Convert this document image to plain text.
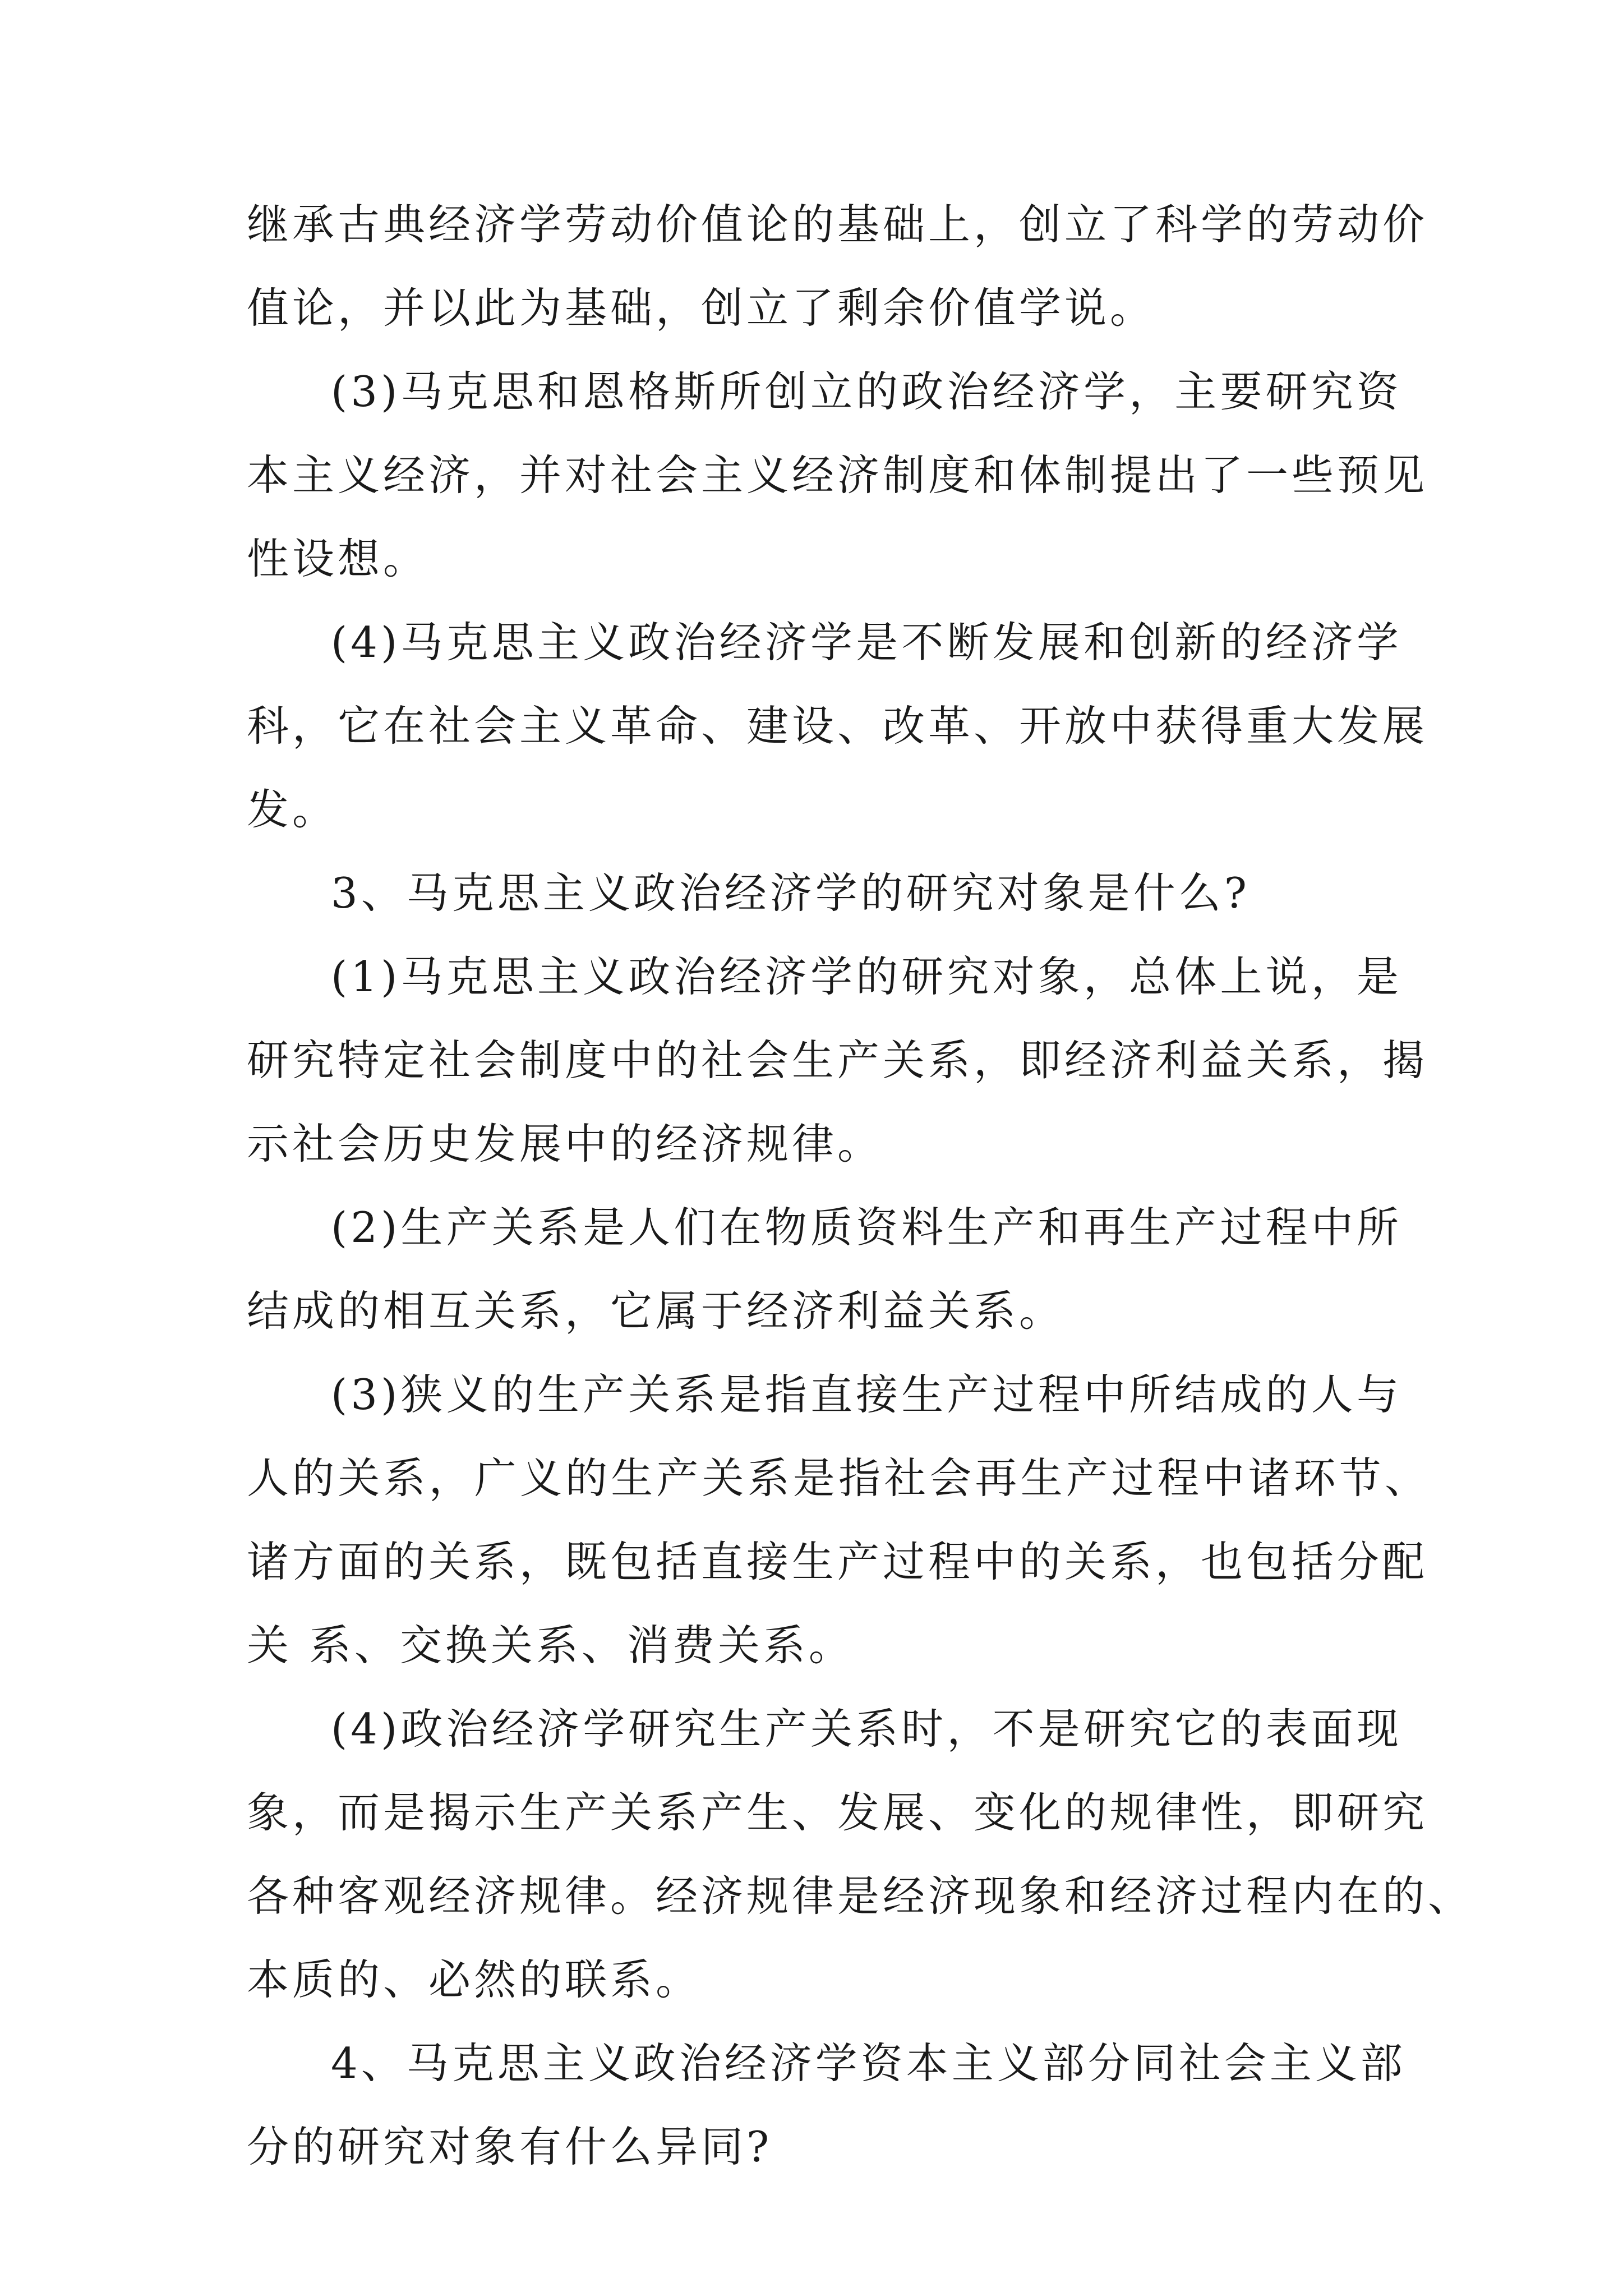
继承古典经济学劳动价值论的基础上，创立了科学的劳动价
值论，并以此为基础，创立了剩余价值学说。
(3)马克思和恩格斯所创立的政治经济学，主要研究资
本主义经济，并对社会主义经济制度和体制提出了一些预见
性设想。
(4)马克思主义政治经济学是不断发展和创新的经济学
科，它在社会主义革命、建设、改革、开放中获得重大发展
发。
3、马克思主义政治经济学的研究对象是什么?
(1)马克思主义政治经济学的研究对象，总体上说，是
研究特定社会制度中的社会生产关系，即经济利益关系，揭
示社会历史发展中的经济规律。
(2)生产关系是人们在物质资料生产和再生产过程中所
结成的相互关系，它属于经济利益关系。
(3)狭义的生产关系是指直接生产过程中所结成的人与
人的关系，广义的生产关系是指社会再生产过程中诸环节、
诸方面的关系，既包括直接生产过程中的关系，也包括分配
关 系、交换关系、消费关系。
(4)政治经济学研究生产关系时，不是研究它的表面现
象，而是揭示生产关系产生、发展、变化的规律性，即研究
各种客观经济规律。经济规律是经济现象和经济过程内在的、
本质的、必然的联系。
4、马克思主义政治经济学资本主义部分同社会主义部
分的研究对象有什么异同?
